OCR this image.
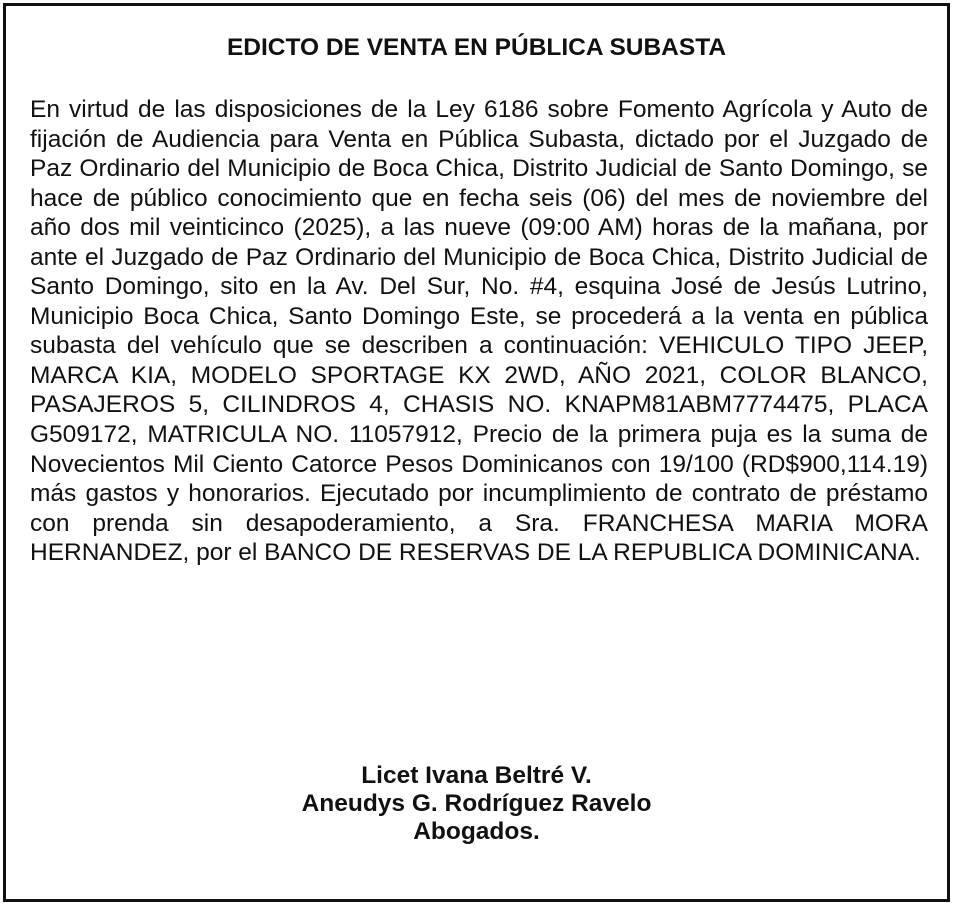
EDICTO DE VENTA EN PÚBLICA SUBASTA

En virtud de las disposiciones de la Ley 6186 sobre Fomento Agrícola y Auto de fijación de Audiencia para Venta en Pública Subasta, dictado por el Juzgado de Paz Ordinario del Municipio de Boca Chica, Distrito Judicial de Santo Domingo, se hace de público conocimiento que en fecha seis (06) del mes de noviembre del año dos mil veinticinco (2025), a las nueve (09:00 AM) horas de la mañana, por ante el Juzgado de Paz Ordinario del Municipio de Boca Chica, Distrito Judicial de Santo Domingo, sito en la Av. Del Sur, No. #4, esquina José de Jesús Lutrino, Municipio Boca Chica, Santo Domingo Este, se procederá a la venta en pública subasta del vehículo que se describen a continuación: VEHICULO TIPO JEEP, MARCA KIA, MODELO SPORTAGE KX 2WD, AÑO 2021, COLOR BLANCO, PASAJEROS 5, CILINDROS 4, CHASIS NO. KNAPM81ABM7774475, PLACA G509172, MATRICULA NO. 11057912, Precio de la primera puja es la suma de Novecientos Mil Ciento Catorce Pesos Dominicanos con 19/100 (RD$900,114.19) más gastos y honorarios. Ejecutado por incumplimiento de contrato de préstamo con prenda sin desapoderamiento, a Sra. FRANCHESA MARIA MORA HERNANDEZ, por el BANCO DE RESERVAS DE LA REPUBLICA DOMINICANA.

Licet Ivana Beltré V.
Aneudys G. Rodríguez Ravelo
Abogados.
